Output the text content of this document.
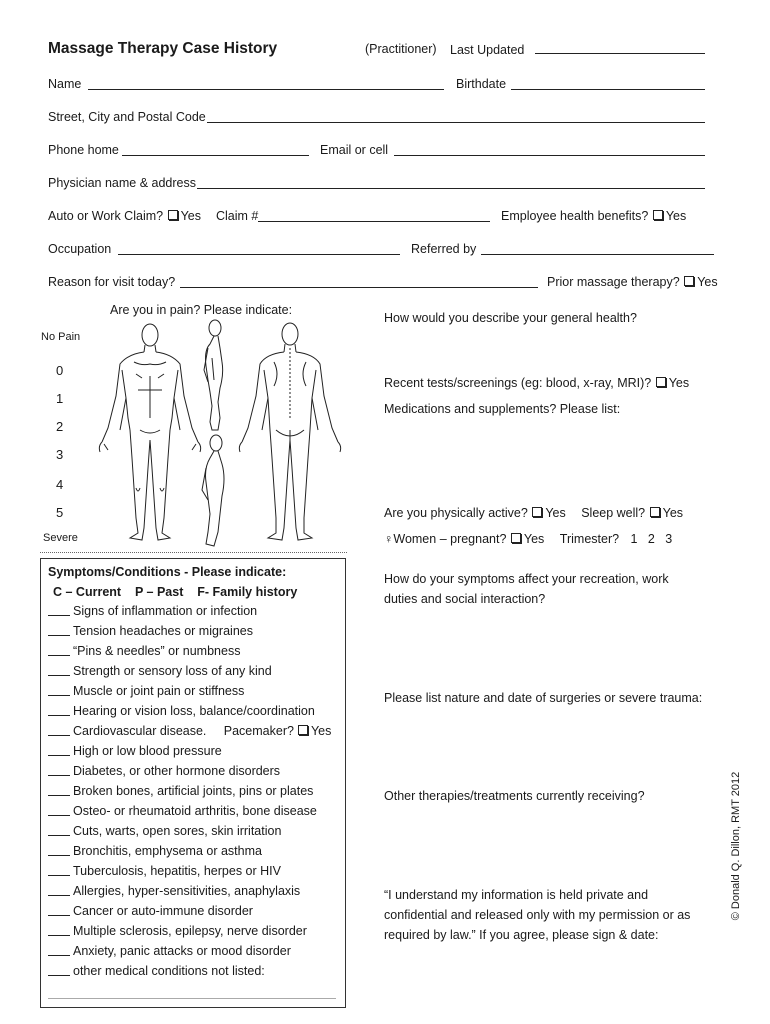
Massage Therapy Case History	(Practitioner) Last Updated
Name	Birthdate
Street, City and Postal Code
Phone home	Email or cell
Physician name & address
Auto or Work Claim? Yes Claim #	Employee health benefits? Yes
Occupation	Referred by
Reason for visit today?	Prior massage therapy? Yes
Are you in pain? Please indicate:
No Pain
0
1
2
3
4
5
Severe
How would you describe your general health?
Recent tests/screenings (eg: blood, x-ray, MRI)? Yes
Medications and supplements? Please list:
Are you physically active? Yes Sleep well? Yes
♀Women – pregnant? Yes Trimester? 1   2   3
How do your symptoms affect your recreation, work
duties and social interaction?
Please list nature and date of surgeries or severe trauma:
Other therapies/treatments currently receiving?
“I understand my information is held private and
confidential and released only with my permission or as
required by law.” If you agree, please sign & date:
© Donald Q. Dillon, RMT 2012
Symptoms/Conditions - Please indicate:
C – Current    P – Past    F- Family history
Signs of inflammation or infection
Tension headaches or migraines
“Pins & needles” or numbness
Strength or sensory loss of any kind
Muscle or joint pain or stiffness
Hearing or vision loss, balance/coordination
Cardiovascular disease.     Pacemaker? Yes
High or low blood pressure
Diabetes, or other hormone disorders
Broken bones, artificial joints, pins or plates
Osteo- or rheumatoid arthritis, bone disease
Cuts, warts, open sores, skin irritation
Bronchitis, emphysema or asthma
Tuberculosis, hepatitis, herpes or HIV
Allergies, hyper-sensitivities, anaphylaxis
Cancer or auto-immune disorder
Multiple sclerosis, epilepsy, nerve disorder
Anxiety, panic attacks or mood disorder
other medical conditions not listed:
